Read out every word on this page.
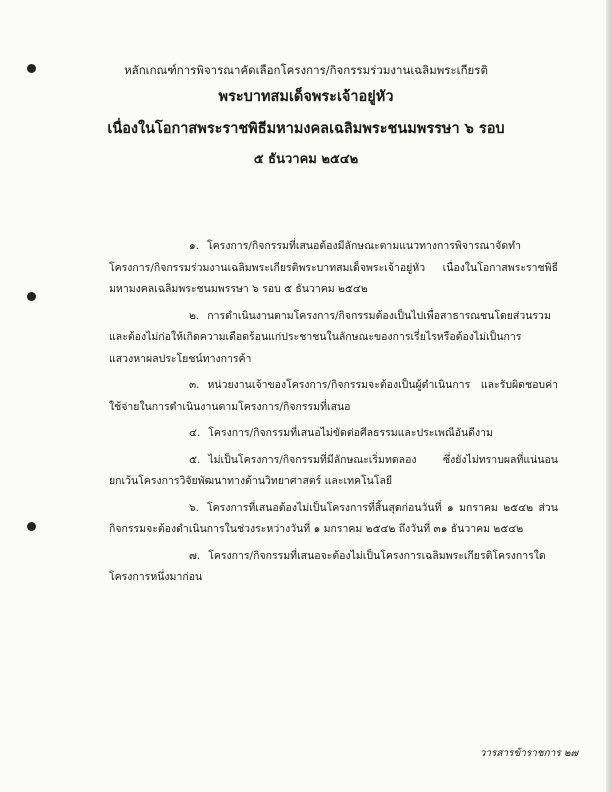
หลักเกณฑ์การพิจารณาคัดเลือกโครงการ/กิจกรรมร่วมงานเฉลิมพระเกียรติ

พระบาทสมเด็จพระเจ้าอยู่หัว

เนื่องในโอกาสพระราชพิธีมหามงคลเฉลิมพระชนมพรรษา ๖ รอบ

๕ ธันวาคม ๒๕๔๒

๑. โครงการ/กิจกรรมที่เสนอต้องมีลักษณะตามแนวทางการพิจารณาจัดทำโครงการ/กิจกรรมร่วมงานเฉลิมพระเกียรติพระบาทสมเด็จพระเจ้าอยู่หัว เนื่องในโอกาสพระราชพิธีมหามงคลเฉลิมพระชนมพรรษา ๖ รอบ ๕ ธันวาคม ๒๕๔๒

๒. การดำเนินงานตามโครงการ/กิจกรรมต้องเป็นไปเพื่อสาธารณชนโดยส่วนรวม และต้องไม่ก่อให้เกิดความเดือดร้อนแก่ประชาชนในลักษณะของการเรี่ยไรหรือต้องไม่เป็นการแสวงหาผลประโยชน์ทางการค้า

๓. หน่วยงานเจ้าของโครงการ/กิจกรรมจะต้องเป็นผู้ดำเนินการ และรับผิดชอบค่าใช้จ่ายในการดำเนินงานตามโครงการ/กิจกรรมที่เสนอ

๔. โครงการ/กิจกรรมที่เสนอไม่ขัดต่อศีลธรรมและประเพณีอันดีงาม

๕. ไม่เป็นโครงการ/กิจกรรมที่มีลักษณะเริ่มทดลอง ซึ่งยังไม่ทราบผลที่แน่นอน ยกเว้นโครงการวิจัยพัฒนาทางด้านวิทยาศาสตร์ และเทคโนโลยี

๖. โครงการที่เสนอต้องไม่เป็นโครงการที่สิ้นสุดก่อนวันที่ ๑ มกราคม ๒๕๔๒ ส่วนกิจกรรมจะต้องดำเนินการในช่วงระหว่างวันที่ ๑ มกราคม ๒๕๔๒ ถึงวันที่ ๓๑ ธันวาคม ๒๕๔๒

๗. โครงการ/กิจกรรมที่เสนอจะต้องไม่เป็นโครงการเฉลิมพระเกียรติโครงการใดโครงการหนึ่งมาก่อน

วารสารข้าราชการ ๒๗
